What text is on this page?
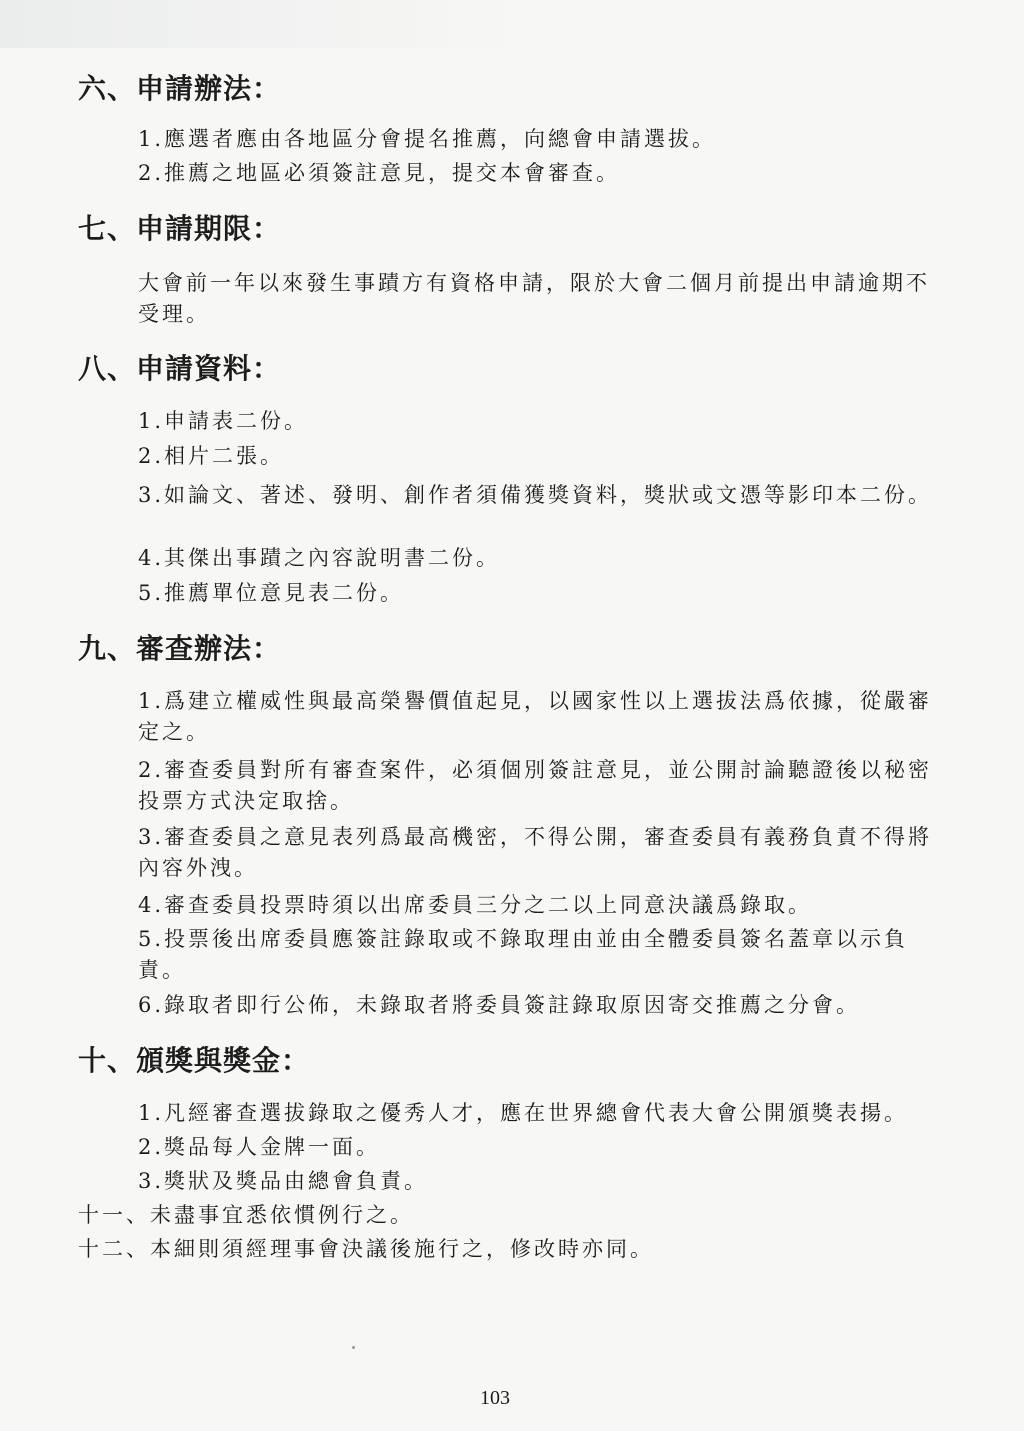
六、申請辦法：
1.應選者應由各地區分會提名推薦，向總會申請選拔。
2.推薦之地區必須簽註意見，提交本會審查。
七、申請期限：
大會前一年以來發生事蹟方有資格申請，限於大會二個月前提出申請逾期不受理。
八、申請資料：
1.申請表二份。
2.相片二張。
3.如論文、著述、發明、創作者須備獲獎資料，獎狀或文憑等影印本二份。
4.其傑出事蹟之內容說明書二份。
5.推薦單位意見表二份。
九、審查辦法：
1.爲建立權威性與最高榮譽價值起見，以國家性以上選拔法爲依據，從嚴審定之。
2.審查委員對所有審查案件，必須個別簽註意見，並公開討論聽證後以秘密投票方式決定取捨。
3.審查委員之意見表列爲最高機密，不得公開，審查委員有義務負責不得將內容外洩。
4.審查委員投票時須以出席委員三分之二以上同意決議爲錄取。
5.投票後出席委員應簽註錄取或不錄取理由並由全體委員簽名蓋章以示負責。
6.錄取者即行公佈，未錄取者將委員簽註錄取原因寄交推薦之分會。
十、頒獎與獎金：
1.凡經審查選拔錄取之優秀人才，應在世界總會代表大會公開頒獎表揚。
2.獎品每人金牌一面。
3.獎狀及獎品由總會負責。
十一、未盡事宜悉依慣例行之。
十二、本細則須經理事會決議後施行之，修改時亦同。
103
